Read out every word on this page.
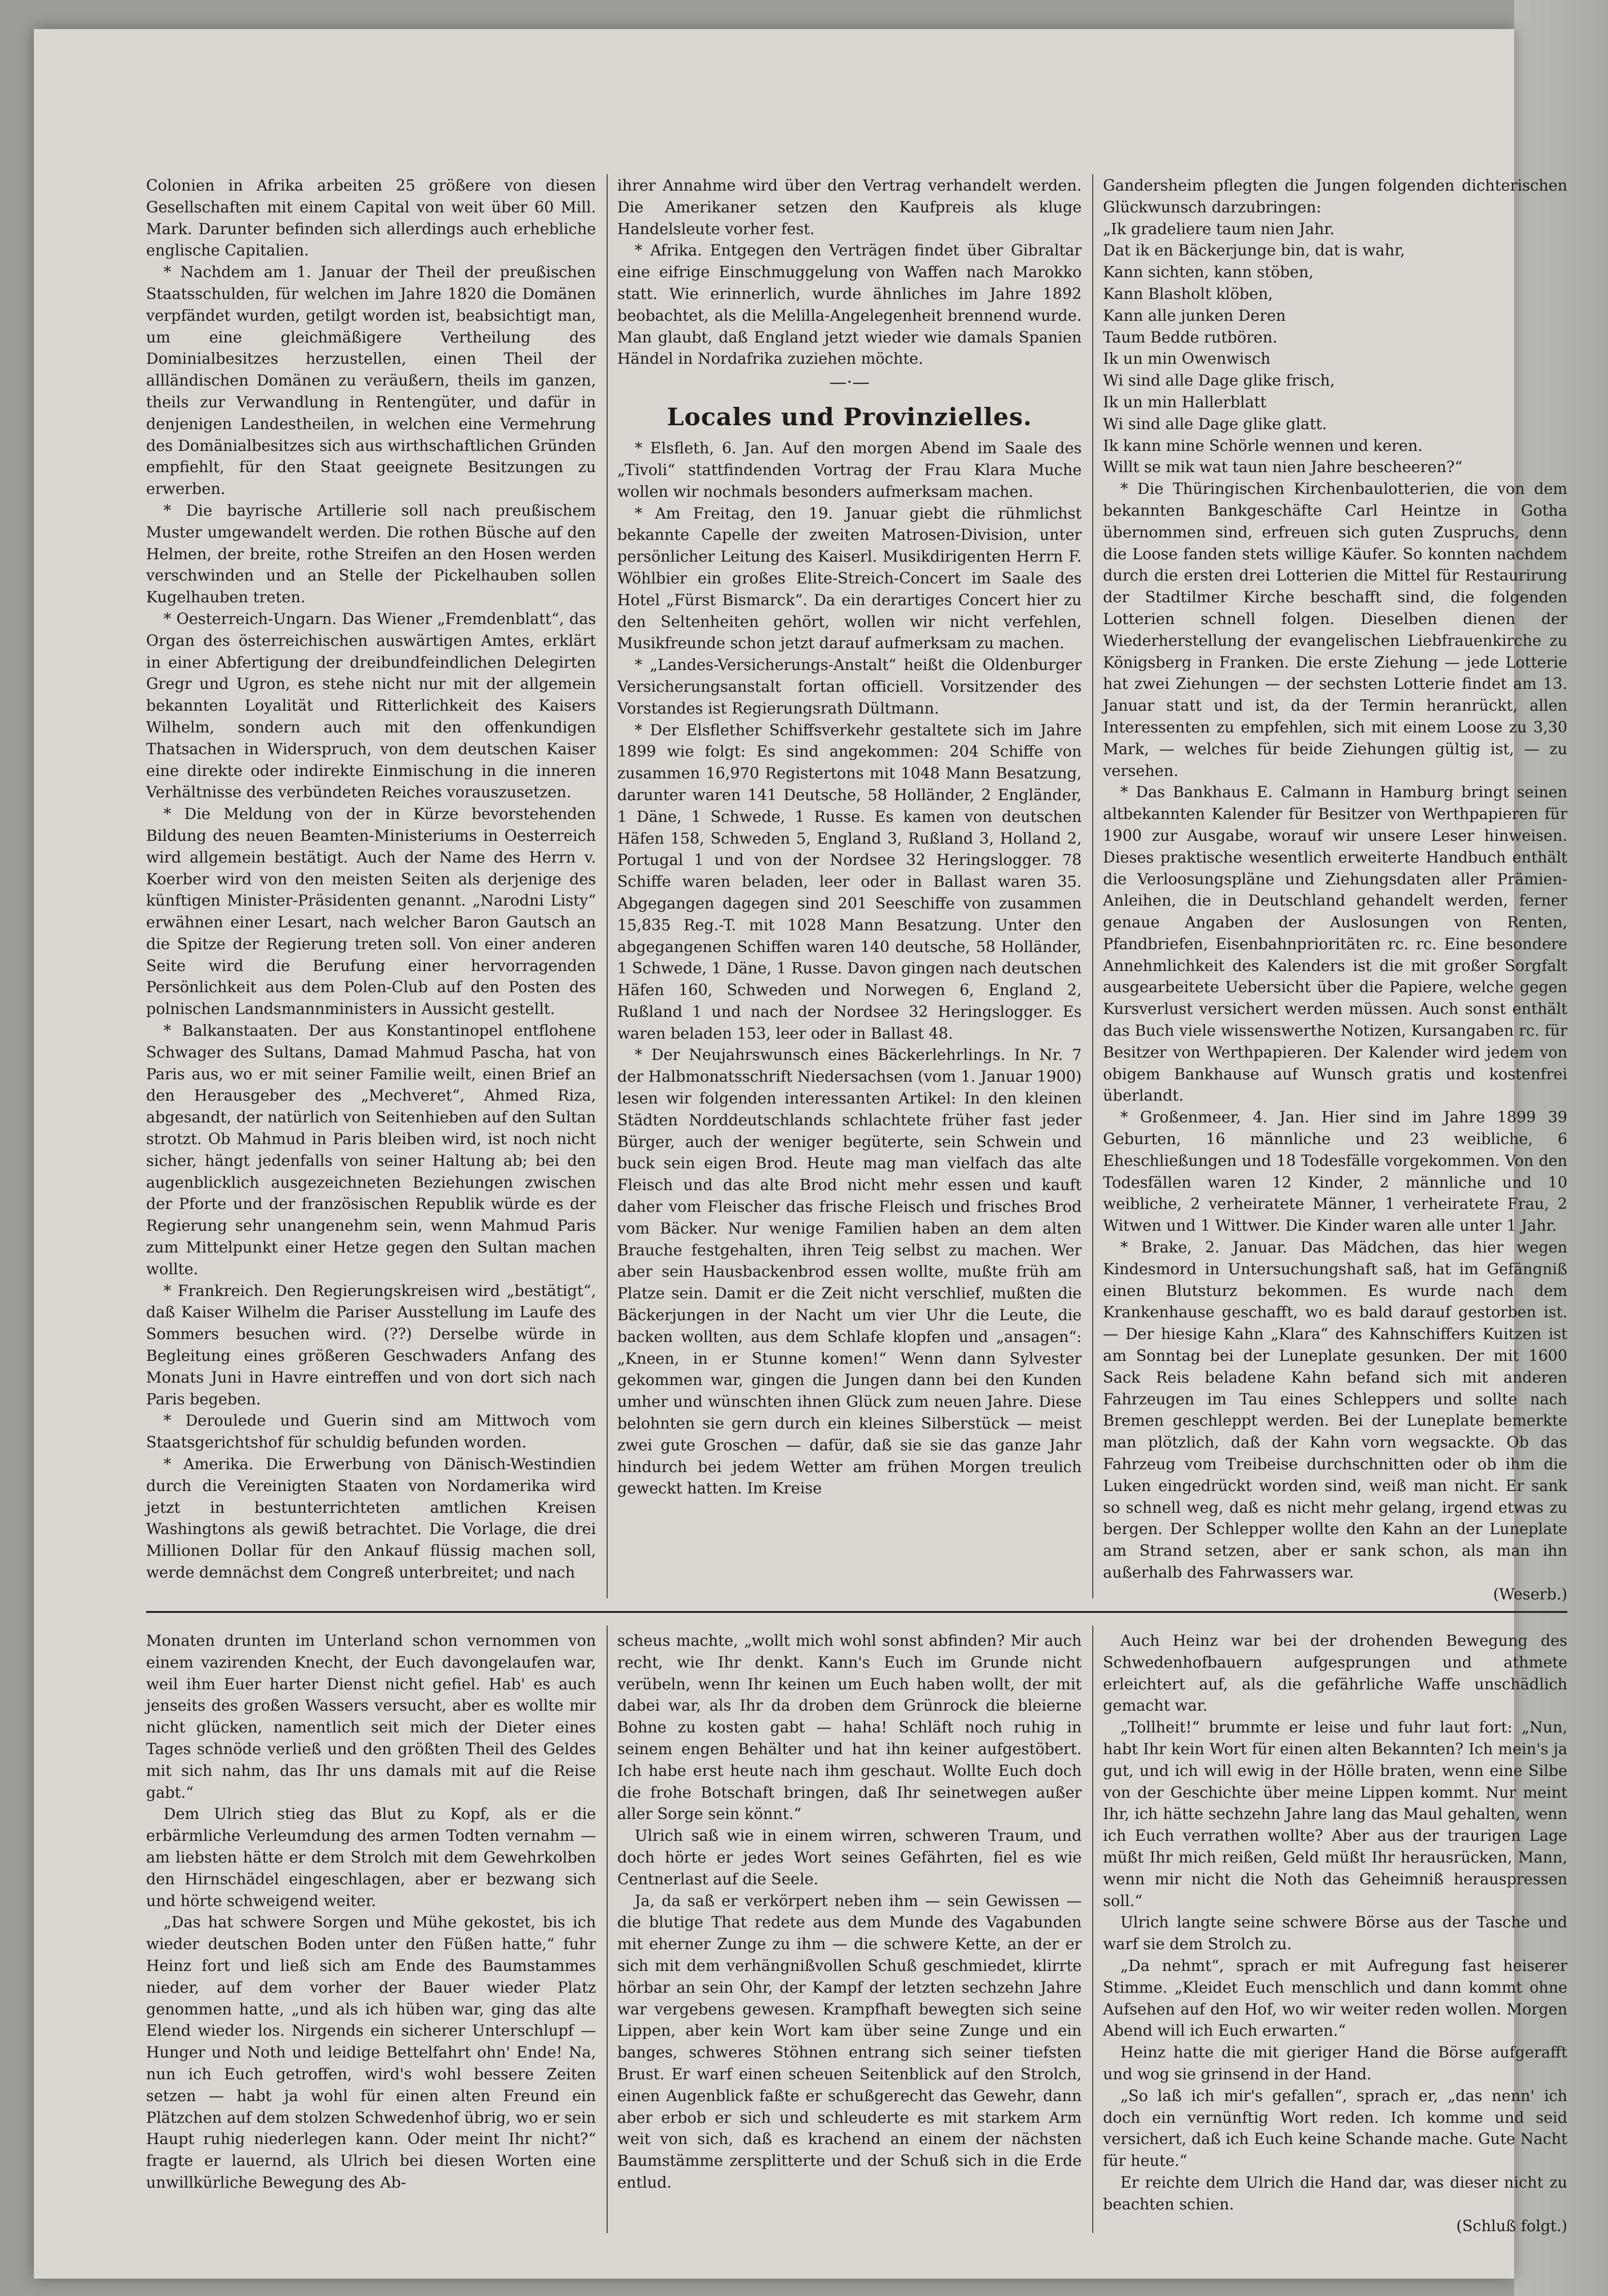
Colonien in Afrika arbeiten 25 größere von diesen Gesellschaften mit einem Capital von weit über 60 Mill. Mark. Darunter befinden sich allerdings auch erhebliche englische Capitalien.

* Nachdem am 1. Januar der Theil der preußischen Staatsschulden, für welchen im Jahre 1820 die Domänen verpfändet wurden, getilgt worden ist, beabsichtigt man, um eine gleichmäßigere Vertheilung des Dominialbesitzes herzustellen, einen Theil der allländischen Domänen zu veräußern, theils im ganzen, theils zur Verwandlung in Rentengüter, und dafür in denjenigen Landestheilen, in welchen eine Vermehrung des Domänialbesitzes sich aus wirthschaftlichen Gründen empfiehlt, für den Staat geeignete Besitzungen zu erwerben.

* Die bayrische Artillerie soll nach preußischem Muster umgewandelt werden. Die rothen Büsche auf den Helmen, der breite, rothe Streifen an den Hosen werden verschwinden und an Stelle der Pickelhauben sollen Kugelhauben treten.

* Oesterreich-Ungarn. Das Wiener „Fremdenblatt“, das Organ des österreichischen auswärtigen Amtes, erklärt in einer Abfertigung der dreibundfeindlichen Delegirten Gregr und Ugron, es stehe nicht nur mit der allgemein bekannten Loyalität und Ritterlichkeit des Kaisers Wilhelm, sondern auch mit den offenkundigen Thatsachen in Widerspruch, von dem deutschen Kaiser eine direkte oder indirekte Einmischung in die inneren Verhältnisse des verbündeten Reiches vorauszusetzen.

* Die Meldung von der in Kürze bevorstehenden Bildung des neuen Beamten-Ministeriums in Oesterreich wird allgemein bestätigt. Auch der Name des Herrn v. Koerber wird von den meisten Seiten als derjenige des künftigen Minister-Präsidenten genannt. „Narodni Listy“ erwähnen einer Lesart, nach welcher Baron Gautsch an die Spitze der Regierung treten soll. Von einer anderen Seite wird die Berufung einer hervorragenden Persönlichkeit aus dem Polen-Club auf den Posten des polnischen Landsmannministers in Aussicht gestellt.

* Balkanstaaten. Der aus Konstantinopel entflohene Schwager des Sultans, Damad Mahmud Pascha, hat von Paris aus, wo er mit seiner Familie weilt, einen Brief an den Herausgeber des „Mechveret“, Ahmed Riza, abgesandt, der natürlich von Seitenhieben auf den Sultan strotzt. Ob Mahmud in Paris bleiben wird, ist noch nicht sicher, hängt jedenfalls von seiner Haltung ab; bei den augenblicklich ausgezeichneten Beziehungen zwischen der Pforte und der französischen Republik würde es der Regierung sehr unangenehm sein, wenn Mahmud Paris zum Mittelpunkt einer Hetze gegen den Sultan machen wollte.

* Frankreich. Den Regierungskreisen wird „bestätigt“, daß Kaiser Wilhelm die Pariser Ausstellung im Laufe des Sommers besuchen wird. (??) Derselbe würde in Begleitung eines größeren Geschwaders Anfang des Monats Juni in Havre eintreffen und von dort sich nach Paris begeben.

* Deroulede und Guerin sind am Mittwoch vom Staatsgerichtshof für schuldig befunden worden.

* Amerika. Die Erwerbung von Dänisch-Westindien durch die Vereinigten Staaten von Nordamerika wird jetzt in bestunterrichteten amtlichen Kreisen Washingtons als gewiß betrachtet. Die Vorlage, die drei Millionen Dollar für den Ankauf flüssig machen soll, werde demnächst dem Congreß unterbreitet; und nach

ihrer Annahme wird über den Vertrag verhandelt werden. Die Amerikaner setzen den Kaufpreis als kluge Handelsleute vorher fest.

* Afrika. Entgegen den Verträgen findet über Gibraltar eine eifrige Einschmuggelung von Waffen nach Marokko statt. Wie erinnerlich, wurde ähnliches im Jahre 1892 beobachtet, als die Melilla-Angelegenheit brennend wurde. Man glaubt, daß England jetzt wieder wie damals Spanien Händel in Nordafrika zuziehen möchte.

—·—
Locales und Provinzielles.

* Elsfleth, 6. Jan. Auf den morgen Abend im Saale des „Tivoli“ stattfindenden Vortrag der Frau Klara Muche wollen wir nochmals besonders aufmerksam machen.

* Am Freitag, den 19. Januar giebt die rühmlichst bekannte Capelle der zweiten Matrosen-Division, unter persönlicher Leitung des Kaiserl. Musikdirigenten Herrn F. Wöhlbier ein großes Elite-Streich-Concert im Saale des Hotel „Fürst Bismarck“. Da ein derartiges Concert hier zu den Seltenheiten gehört, wollen wir nicht verfehlen, Musikfreunde schon jetzt darauf aufmerksam zu machen.

* „Landes-Versicherungs-Anstalt“ heißt die Oldenburger Versicherungsanstalt fortan officiell. Vorsitzender des Vorstandes ist Regierungsrath Dültmann.

* Der Elsflether Schiffsverkehr gestaltete sich im Jahre 1899 wie folgt: Es sind angekommen: 204 Schiffe von zusammen 16,970 Registertons mit 1048 Mann Besatzung, darunter waren 141 Deutsche, 58 Holländer, 2 Engländer, 1 Däne, 1 Schwede, 1 Russe. Es kamen von deutschen Häfen 158, Schweden 5, England 3, Rußland 3, Holland 2, Portugal 1 und von der Nordsee 32 Heringslogger. 78 Schiffe waren beladen, leer oder in Ballast waren 35. Abgegangen dagegen sind 201 Seeschiffe von zusammen 15,835 Reg.-T. mit 1028 Mann Besatzung. Unter den abgegangenen Schiffen waren 140 deutsche, 58 Holländer, 1 Schwede, 1 Däne, 1 Russe. Davon gingen nach deutschen Häfen 160, Schweden und Norwegen 6, England 2, Rußland 1 und nach der Nordsee 32 Heringslogger. Es waren beladen 153, leer oder in Ballast 48.

* Der Neujahrswunsch eines Bäckerlehrlings. In Nr. 7 der Halbmonatsschrift Niedersachsen (vom 1. Januar 1900) lesen wir folgenden interessanten Artikel: In den kleinen Städten Norddeutschlands schlachtete früher fast jeder Bürger, auch der weniger begüterte, sein Schwein und buck sein eigen Brod. Heute mag man vielfach das alte Fleisch und das alte Brod nicht mehr essen und kauft daher vom Fleischer das frische Fleisch und frisches Brod vom Bäcker. Nur wenige Familien haben an dem alten Brauche festgehalten, ihren Teig selbst zu machen. Wer aber sein Hausbackenbrod essen wollte, mußte früh am Platze sein. Damit er die Zeit nicht verschlief, mußten die Bäckerjungen in der Nacht um vier Uhr die Leute, die backen wollten, aus dem Schlafe klopfen und „ansagen“: „Kneen, in er Stunne komen!“ Wenn dann Sylvester gekommen war, gingen die Jungen dann bei den Kunden umher und wünschten ihnen Glück zum neuen Jahre. Diese belohnten sie gern durch ein kleines Silberstück — meist zwei gute Groschen — dafür, daß sie sie das ganze Jahr hindurch bei jedem Wetter am frühen Morgen treulich geweckt hatten. Im Kreise

Gandersheim pflegten die Jungen folgenden dichterischen Glückwunsch darzubringen:

„Ik gradeliere taum nien Jahr.
Dat ik en Bäckerjunge bin, dat is wahr,
Kann sichten, kann stöben,
Kann Blasholt klöben,
Kann alle junken Deren
Taum Bedde rutbören.
Ik un min Owenwisch
Wi sind alle Dage glike frisch,
Ik un min Hallerblatt
Wi sind alle Dage glike glatt.
Ik kann mine Schörle wennen und keren.
Willt se mik wat taun nien Jahre bescheeren?“

* Die Thüringischen Kirchenbaulotterien, die von dem bekannten Bankgeschäfte Carl Heintze in Gotha übernommen sind, erfreuen sich guten Zuspruchs, denn die Loose fanden stets willige Käufer. So konnten nachdem durch die ersten drei Lotterien die Mittel für Restaurirung der Stadtilmer Kirche beschafft sind, die folgenden Lotterien schnell folgen. Dieselben dienen der Wiederherstellung der evangelischen Liebfrauenkirche zu Königsberg in Franken. Die erste Ziehung — jede Lotterie hat zwei Ziehungen — der sechsten Lotterie findet am 13. Januar statt und ist, da der Termin heranrückt, allen Interessenten zu empfehlen, sich mit einem Loose zu 3,30 Mark, — welches für beide Ziehungen gültig ist, — zu versehen.

* Das Bankhaus E. Calmann in Hamburg bringt seinen altbekannten Kalender für Besitzer von Werthpapieren für 1900 zur Ausgabe, worauf wir unsere Leser hinweisen. Dieses praktische wesentlich erweiterte Handbuch enthält die Verloosungspläne und Ziehungsdaten aller Prämien-Anleihen, die in Deutschland gehandelt werden, ferner genaue Angaben der Auslosungen von Renten, Pfandbriefen, Eisenbahnprioritäten rc. rc. Eine besondere Annehmlichkeit des Kalenders ist die mit großer Sorgfalt ausgearbeitete Uebersicht über die Papiere, welche gegen Kursverlust versichert werden müssen. Auch sonst enthält das Buch viele wissenswerthe Notizen, Kursangaben rc. für Besitzer von Werthpapieren. Der Kalender wird jedem von obigem Bankhause auf Wunsch gratis und kostenfrei überlandt.

* Großenmeer, 4. Jan. Hier sind im Jahre 1899 39 Geburten, 16 männliche und 23 weibliche, 6 Eheschließungen und 18 Todesfälle vorgekommen. Von den Todesfällen waren 12 Kinder, 2 männliche und 10 weibliche, 2 verheiratete Männer, 1 verheiratete Frau, 2 Witwen und 1 Wittwer. Die Kinder waren alle unter 1 Jahr.

* Brake, 2. Januar. Das Mädchen, das hier wegen Kindesmord in Untersuchungshaft saß, hat im Gefängniß einen Blutsturz bekommen. Es wurde nach dem Krankenhause geschafft, wo es bald darauf gestorben ist. — Der hiesige Kahn „Klara“ des Kahnschiffers Kuitzen ist am Sonntag bei der Luneplate gesunken. Der mit 1600 Sack Reis beladene Kahn befand sich mit anderen Fahrzeugen im Tau eines Schleppers und sollte nach Bremen geschleppt werden. Bei der Luneplate bemerkte man plötzlich, daß der Kahn vorn wegsackte. Ob das Fahrzeug vom Treibeise durchschnitten oder ob ihm die Luken eingedrückt worden sind, weiß man nicht. Er sank so schnell weg, daß es nicht mehr gelang, irgend etwas zu bergen. Der Schlepper wollte den Kahn an der Luneplate am Strand setzen, aber er sank schon, als man ihn außerhalb des Fahrwassers war.

(Weserb.)

Monaten drunten im Unterland schon vernommen von einem vazirenden Knecht, der Euch davongelaufen war, weil ihm Euer harter Dienst nicht gefiel. Hab' es auch jenseits des großen Wassers versucht, aber es wollte mir nicht glücken, namentlich seit mich der Dieter eines Tages schnöde verließ und den größten Theil des Geldes mit sich nahm, das Ihr uns damals mit auf die Reise gabt.“

Dem Ulrich stieg das Blut zu Kopf, als er die erbärmliche Verleumdung des armen Todten vernahm — am liebsten hätte er dem Strolch mit dem Gewehrkolben den Hirnschädel eingeschlagen, aber er bezwang sich und hörte schweigend weiter.

„Das hat schwere Sorgen und Mühe gekostet, bis ich wieder deutschen Boden unter den Füßen hatte,“ fuhr Heinz fort und ließ sich am Ende des Baumstammes nieder, auf dem vorher der Bauer wieder Platz genommen hatte, „und als ich hüben war, ging das alte Elend wieder los. Nirgends ein sicherer Unterschlupf — Hunger und Noth und leidige Bettelfahrt ohn' Ende! Na, nun ich Euch getroffen, wird's wohl bessere Zeiten setzen — habt ja wohl für einen alten Freund ein Plätzchen auf dem stolzen Schwedenhof übrig, wo er sein Haupt ruhig niederlegen kann. Oder meint Ihr nicht?“ fragte er lauernd, als Ulrich bei diesen Worten eine unwillkürliche Bewegung des Ab-

scheus machte, „wollt mich wohl sonst abfinden? Mir auch recht, wie Ihr denkt. Kann's Euch im Grunde nicht verübeln, wenn Ihr keinen um Euch haben wollt, der mit dabei war, als Ihr da droben dem Grünrock die bleierne Bohne zu kosten gabt — haha! Schläft noch ruhig in seinem engen Behälter und hat ihn keiner aufgestöbert. Ich habe erst heute nach ihm geschaut. Wollte Euch doch die frohe Botschaft bringen, daß Ihr seinetwegen außer aller Sorge sein könnt.“

Ulrich saß wie in einem wirren, schweren Traum, und doch hörte er jedes Wort seines Gefährten, fiel es wie Centnerlast auf die Seele.

Ja, da saß er verkörpert neben ihm — sein Gewissen — die blutige That redete aus dem Munde des Vagabunden mit eherner Zunge zu ihm — die schwere Kette, an der er sich mit dem verhängnißvollen Schuß geschmiedet, klirrte hörbar an sein Ohr, der Kampf der letzten sechzehn Jahre war vergebens gewesen. Krampfhaft bewegten sich seine Lippen, aber kein Wort kam über seine Zunge und ein banges, schweres Stöhnen entrang sich seiner tiefsten Brust. Er warf einen scheuen Seitenblick auf den Strolch, einen Augenblick faßte er schußgerecht das Gewehr, dann aber erbob er sich und schleuderte es mit starkem Arm weit von sich, daß es krachend an einem der nächsten Baumstämme zersplitterte und der Schuß sich in die Erde entlud.

Auch Heinz war bei der drohenden Bewegung des Schwedenhofbauern aufgesprungen und athmete erleichtert auf, als die gefährliche Waffe unschädlich gemacht war.

„Tollheit!“ brummte er leise und fuhr laut fort: „Nun, habt Ihr kein Wort für einen alten Bekannten? Ich mein's ja gut, und ich will ewig in der Hölle braten, wenn eine Silbe von der Geschichte über meine Lippen kommt. Nur meint Ihr, ich hätte sechzehn Jahre lang das Maul gehalten, wenn ich Euch verrathen wollte? Aber aus der traurigen Lage müßt Ihr mich reißen, Geld müßt Ihr herausrücken, Mann, wenn mir nicht die Noth das Geheimniß herauspressen soll.“

Ulrich langte seine schwere Börse aus der Tasche und warf sie dem Strolch zu.

„Da nehmt“, sprach er mit Aufregung fast heiserer Stimme. „Kleidet Euch menschlich und dann kommt ohne Aufsehen auf den Hof, wo wir weiter reden wollen. Morgen Abend will ich Euch erwarten.“

Heinz hatte die mit gieriger Hand die Börse aufgerafft und wog sie grinsend in der Hand.

„So laß ich mir's gefallen“, sprach er, „das nenn' ich doch ein vernünftig Wort reden. Ich komme und seid versichert, daß ich Euch keine Schande mache. Gute Nacht für heute.“

Er reichte dem Ulrich die Hand dar, was dieser nicht zu beachten schien.

(Schluß folgt.)
